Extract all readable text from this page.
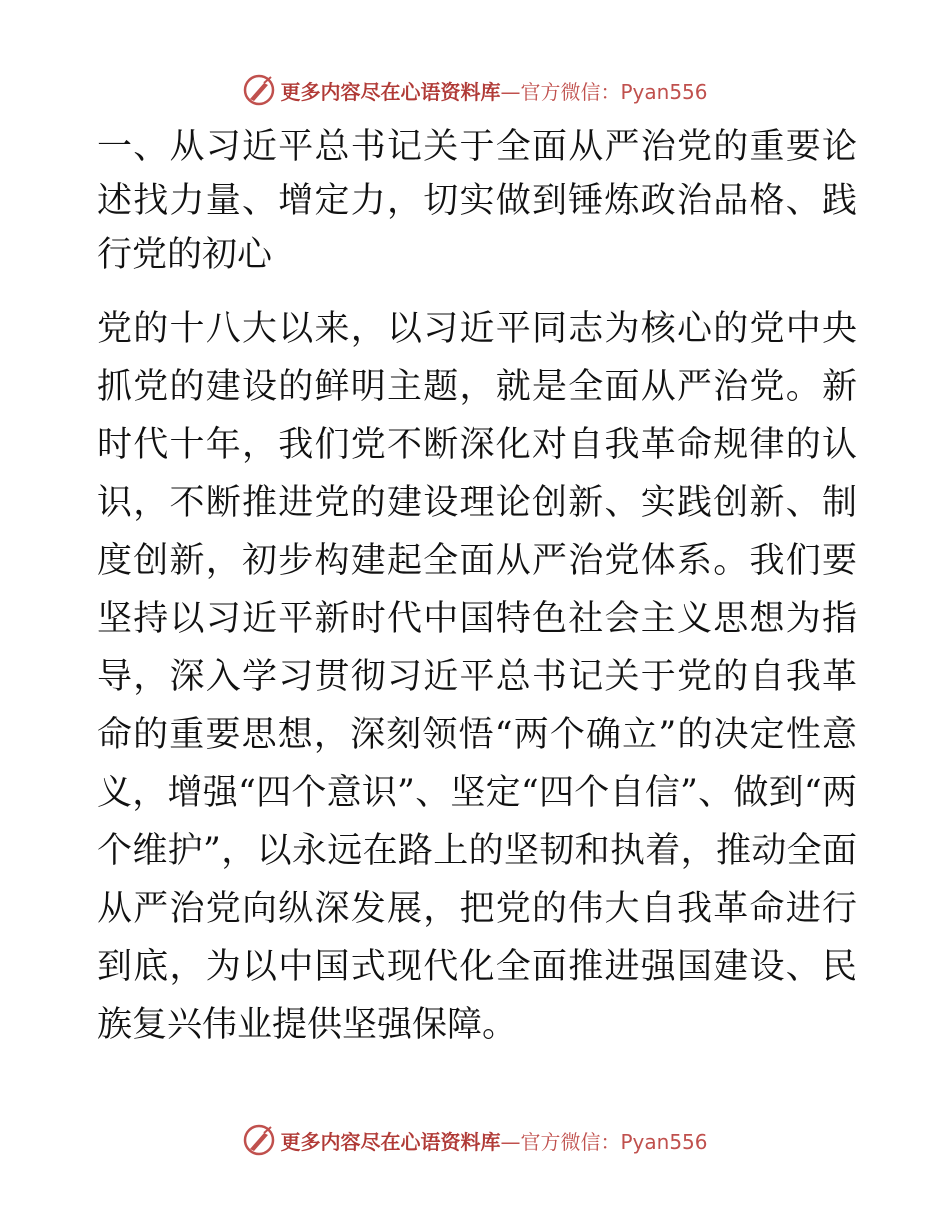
更多内容尽在心语资料库—官方微信：Pyan556
一、从习近平总书记关于全面从严治党的重要论述找力量、增定力，切实做到锤炼政治品格、践行党的初心

党的十八大以来，以习近平同志为核心的党中央抓党的建设的鲜明主题，就是全面从严治党。新时代十年，我们党不断深化对自我革命规律的认识，不断推进党的建设理论创新、实践创新、制度创新，初步构建起全面从严治党体系。我们要坚持以习近平新时代中国特色社会主义思想为指导，深入学习贯彻习近平总书记关于党的自我革命的重要思想，深刻领悟“两个确立”的决定性意义，增强“四个意识”、坚定“四个自信”、做到“两个维护”，以永远在路上的坚韧和执着，推动全面从严治党向纵深发展，把党的伟大自我革命进行到底，为以中国式现代化全面推进强国建设、民族复兴伟业提供坚强保障。

更多内容尽在心语资料库—官方微信：Pyan556
